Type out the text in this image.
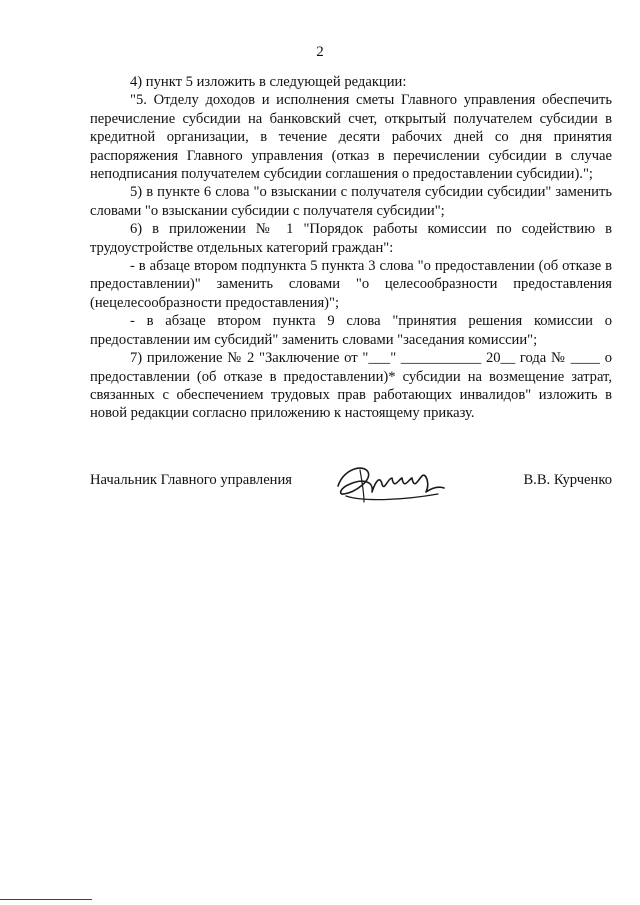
2

4) пункт 5 изложить в следующей редакции:

"5. Отделу доходов и исполнения сметы Главного управления обеспечить перечисление субсидии на банковский счет, открытый получателем субсидии в кредитной организации, в течение десяти рабочих дней со дня принятия распоряжения Главного управления (отказ в перечислении субсидии в случае неподписания получателем субсидии соглашения о предоставлении субсидии).";

5) в пункте 6 слова "о взыскании с получателя субсидии субсидии" заменить словами "о взыскании субсидии с получателя субсидии";

6) в приложении № 1 "Порядок работы комиссии по содействию в трудоустройстве отдельных категорий граждан":

- в абзаце втором подпункта 5 пункта 3 слова "о предоставлении (об отказе в предоставлении)" заменить словами "о целесообразности предоставления (нецелесообразности предоставления)";

- в абзаце втором пункта 9 слова "принятия решения комиссии о предоставлении им субсидий" заменить словами "заседания комиссии";

7) приложение № 2 "Заключение от "___" ___________ 20__ года № ____ о предоставлении (об отказе в предоставлении)* субсидии на возмещение затрат, связанных с обеспечением трудовых прав работающих инвалидов" изложить в новой редакции согласно приложению к настоящему приказу.

Начальник Главного управления	В.В. Курченко
